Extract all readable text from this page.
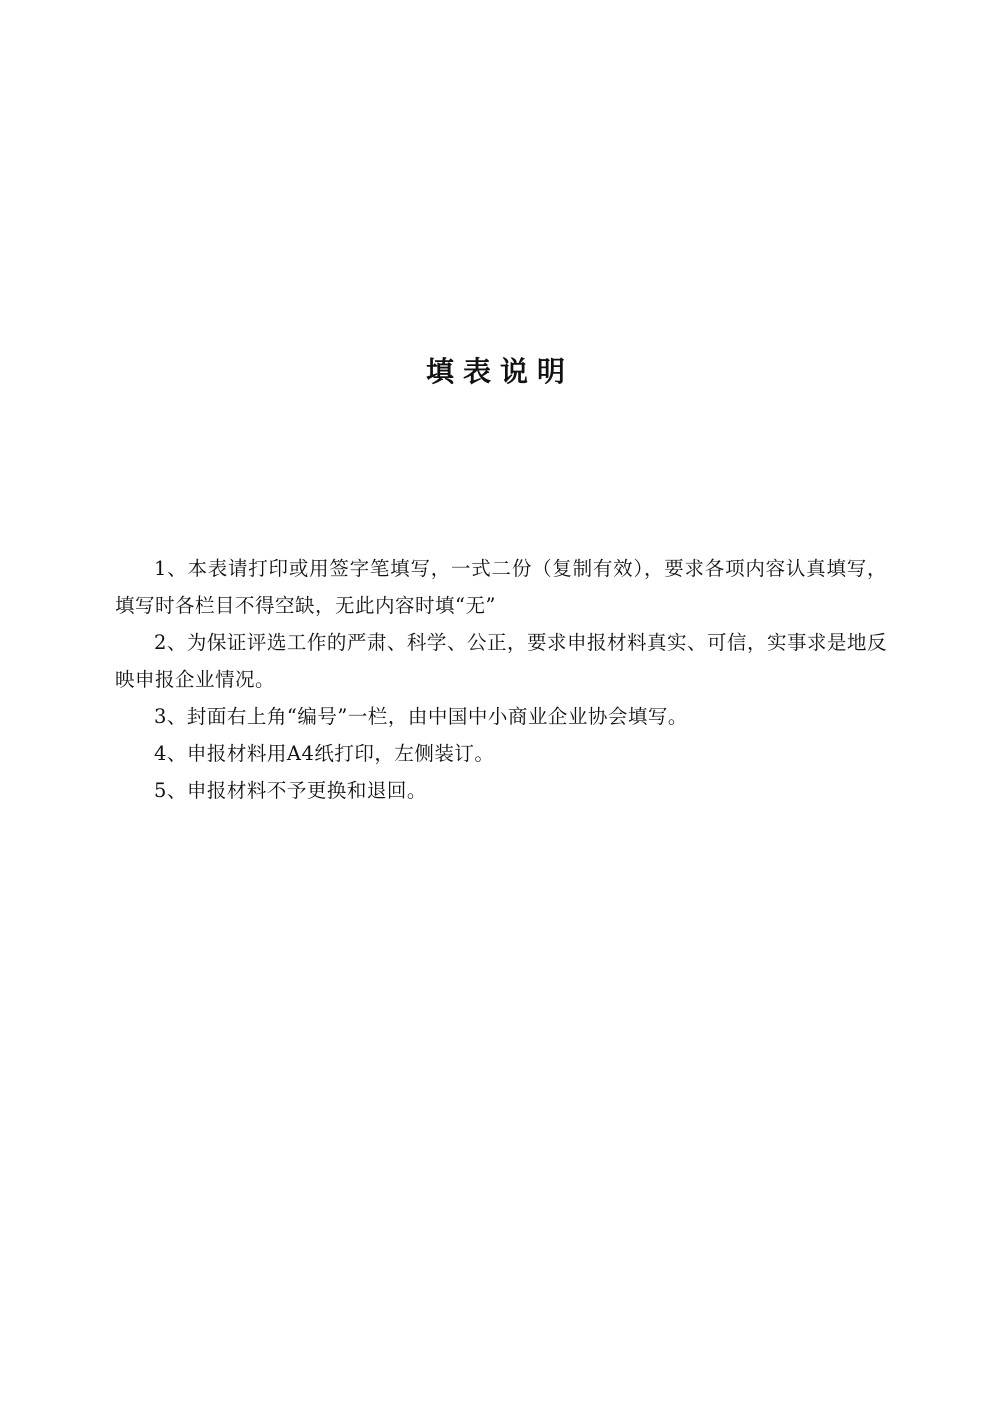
填表说明
1、本表请打印或用签字笔填写，一式二份（复制有效），要求各项内容认真填写，填写时各栏目不得空缺，无此内容时填“无”
2、为保证评选工作的严肃、科学、公正，要求申报材料真实、可信，实事求是地反映申报企业情况。
3、封面右上角“编号”一栏，由中国中小商业企业协会填写。
4、申报材料用A4纸打印，左侧装订。
5、申报材料不予更换和退回。
